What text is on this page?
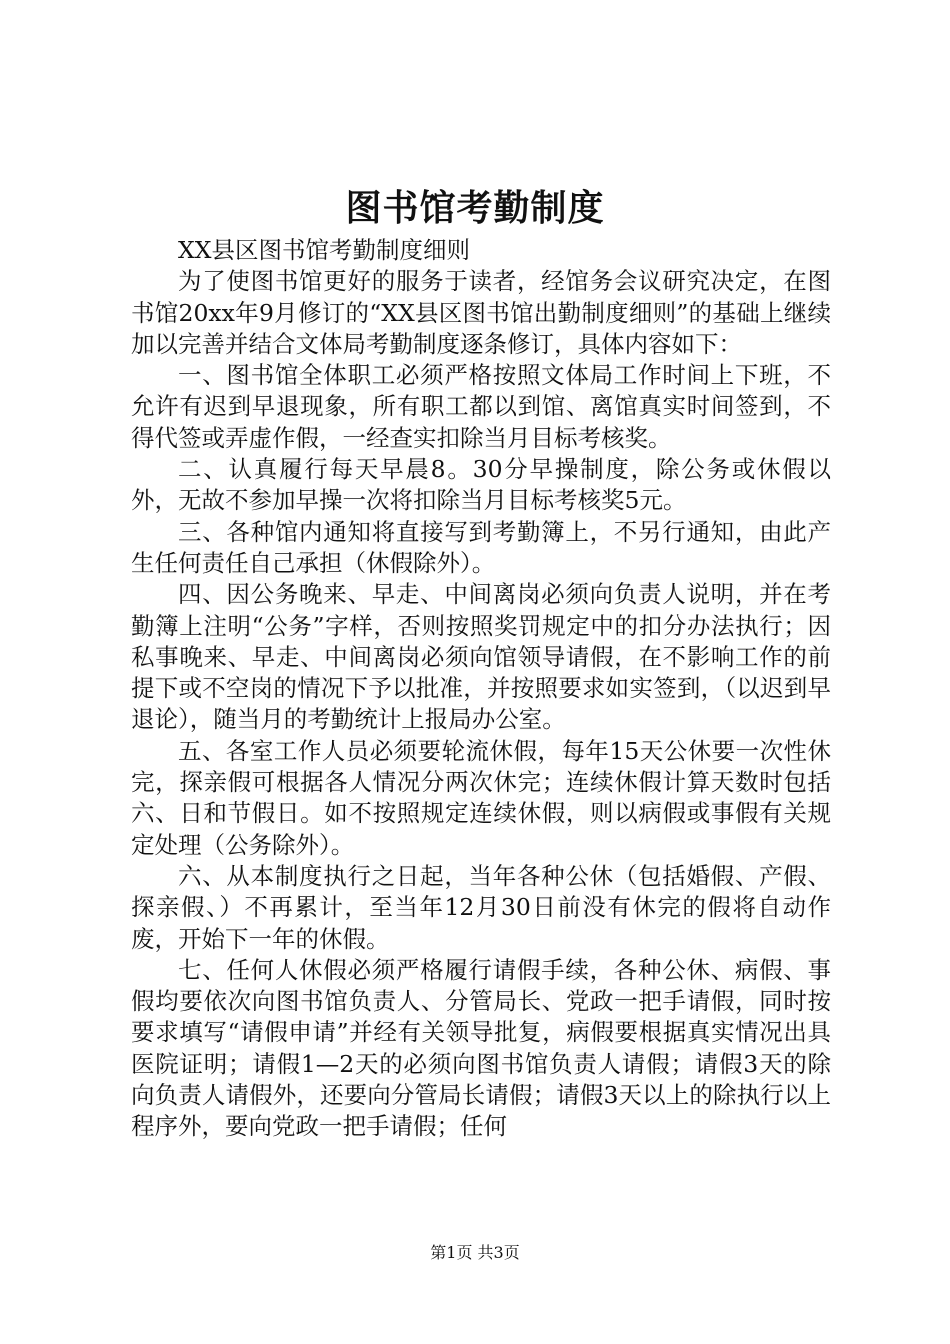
图书馆考勤制度

XX县区图书馆考勤制度细则

为了使图书馆更好的服务于读者，经馆务会议研究决定，在图书馆20xx年9月修订的“XX县区图书馆出勤制度细则”的基础上继续加以完善并结合文体局考勤制度逐条修订，具体内容如下：

一、图书馆全体职工必须严格按照文体局工作时间上下班，不允许有迟到早退现象，所有职工都以到馆、离馆真实时间签到，不得代签或弄虚作假，一经查实扣除当月目标考核奖。

二、认真履行每天早晨8。30分早操制度，除公务或休假以外，无故不参加早操一次将扣除当月目标考核奖5元。

三、各种馆内通知将直接写到考勤簿上，不另行通知，由此产生任何责任自己承担（休假除外）。

四、因公务晚来、早走、中间离岗必须向负责人说明，并在考勤簿上注明“公务”字样，否则按照奖罚规定中的扣分办法执行；因私事晚来、早走、中间离岗必须向馆领导请假，在不影响工作的前提下或不空岗的情况下予以批准，并按照要求如实签到，（以迟到早退论），随当月的考勤统计上报局办公室。

五、各室工作人员必须要轮流休假，每年15天公休要一次性休完，探亲假可根据各人情况分两次休完；连续休假计算天数时包括六、日和节假日。如不按照规定连续休假，则以病假或事假有关规定处理（公务除外）。

六、从本制度执行之日起，当年各种公休（包括婚假、产假、探亲假、）不再累计，至当年12月30日前没有休完的假将自动作废，开始下一年的休假。

七、任何人休假必须严格履行请假手续，各种公休、病假、事假均要依次向图书馆负责人、分管局长、党政一把手请假，同时按要求填写“请假申请”并经有关领导批复，病假要根据真实情况出具医院证明；请假1—2天的必须向图书馆负责人请假；请假3天的除向负责人请假外，还要向分管局长请假；请假3天以上的除执行以上程序外，要向党政一把手请假；任何

第1页 共3页
